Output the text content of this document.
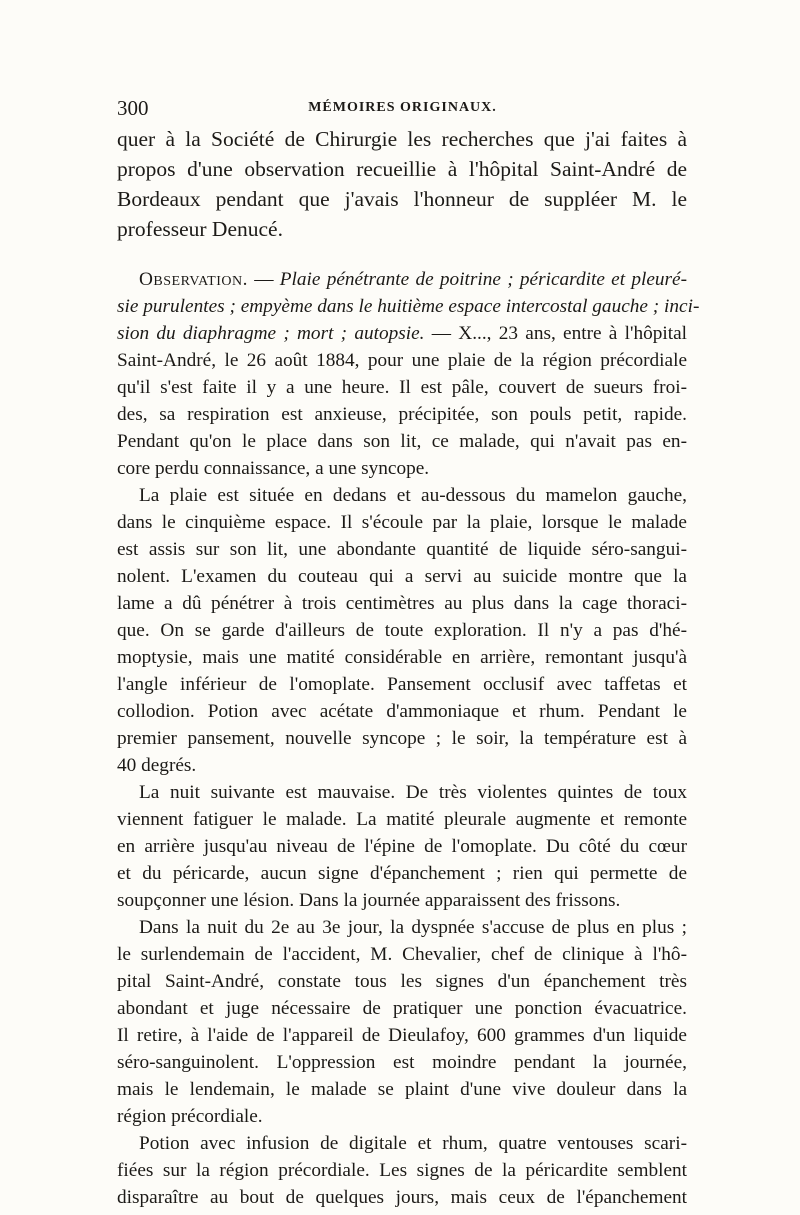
300	MÉMOIRES ORIGINAUX.
quer à la Société de Chirurgie les recherches que j'ai faites à
propos d'une observation recueillie à l'hôpital Saint-André de
Bordeaux pendant que j'avais l'honneur de suppléer M. le
professeur Denucé.
Observation. — Plaie pénétrante de poitrine ; péricardite et pleuré-
sie purulentes ; empyème dans le huitième espace intercostal gauche ; inci-
sion du diaphragme ; mort ; autopsie. — X..., 23 ans, entre à l'hôpital
Saint-André, le 26 août 1884, pour une plaie de la région précordiale
qu'il s'est faite il y a une heure. Il est pâle, couvert de sueurs froi-
des, sa respiration est anxieuse, précipitée, son pouls petit, rapide.
Pendant qu'on le place dans son lit, ce malade, qui n'avait pas en-
core perdu connaissance, a une syncope.
La plaie est située en dedans et au-dessous du mamelon gauche,
dans le cinquième espace. Il s'écoule par la plaie, lorsque le malade
est assis sur son lit, une abondante quantité de liquide séro-sangui-
nolent. L'examen du couteau qui a servi au suicide montre que la
lame a dû pénétrer à trois centimètres au plus dans la cage thoraci-
que. On se garde d'ailleurs de toute exploration. Il n'y a pas d'hé-
moptysie, mais une matité considérable en arrière, remontant jusqu'à
l'angle inférieur de l'omoplate. Pansement occlusif avec taffetas et
collodion. Potion avec acétate d'ammoniaque et rhum. Pendant le
premier pansement, nouvelle syncope ; le soir, la température est à
40 degrés.
La nuit suivante est mauvaise. De très violentes quintes de toux
viennent fatiguer le malade. La matité pleurale augmente et remonte
en arrière jusqu'au niveau de l'épine de l'omoplate. Du côté du cœur
et du péricarde, aucun signe d'épanchement ; rien qui permette de
soupçonner une lésion. Dans la journée apparaissent des frissons.
Dans la nuit du 2e au 3e jour, la dyspnée s'accuse de plus en plus ;
le surlendemain de l'accident, M. Chevalier, chef de clinique à l'hô-
pital Saint-André, constate tous les signes d'un épanchement très
abondant et juge nécessaire de pratiquer une ponction évacuatrice.
Il retire, à l'aide de l'appareil de Dieulafoy, 600 grammes d'un liquide
séro-sanguinolent. L'oppression est moindre pendant la journée,
mais le lendemain, le malade se plaint d'une vive douleur dans la
région précordiale.
Potion avec infusion de digitale et rhum, quatre ventouses scari-
fiées sur la région précordiale. Les signes de la péricardite semblent
disparaître au bout de quelques jours, mais ceux de l'épanchement
